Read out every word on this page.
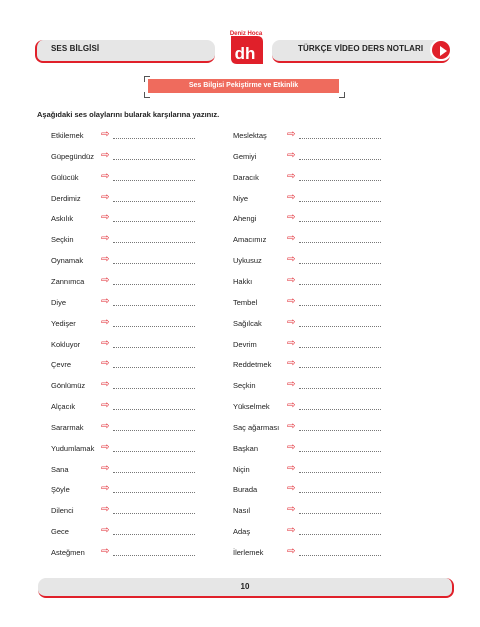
SES BİLGİSİ	dh
Deniz Hoca
TÜRKÇE VİDEO DERS NOTLARI
Ses Bilgisi Pekiştirme ve Etkinlik
Aşağıdaki ses olaylarını bularak karşılarına yazınız.
Etkilemek ⇨
Güpegündüz ⇨
Gülücük ⇨
Derdimiz ⇨
Askılık	⇨
Seçkin	⇨
Oynamak ⇨
Zannımca ⇨
Diye	⇨
Yedişer	⇨
Kokluyor ⇨
Çevre	⇨
Gönlümüz ⇨
Alçacık	⇨
Sararmak ⇨
Yudumlamak ⇨
Sana	⇨
Şöyle	⇨
Dilenci	⇨
Gece	⇨
Asteğmen ⇨
Meslektaş ⇨
Gemiyi	⇨
Daracık	⇨
Niye	⇨
Ahengi	⇨
Amacımız ⇨
Uykusuz	⇨
Hakkı	⇨
Tembel	⇨
Sağılcak	⇨
Devrim	⇨
Reddetmek ⇨
Seçkin	⇨
Yükselmek ⇨
Saç ağarması ⇨
Başkan	⇨
Niçin	⇨
Burada	⇨
Nasıl	⇨
Adaş	⇨
İlerlemek ⇨
10
